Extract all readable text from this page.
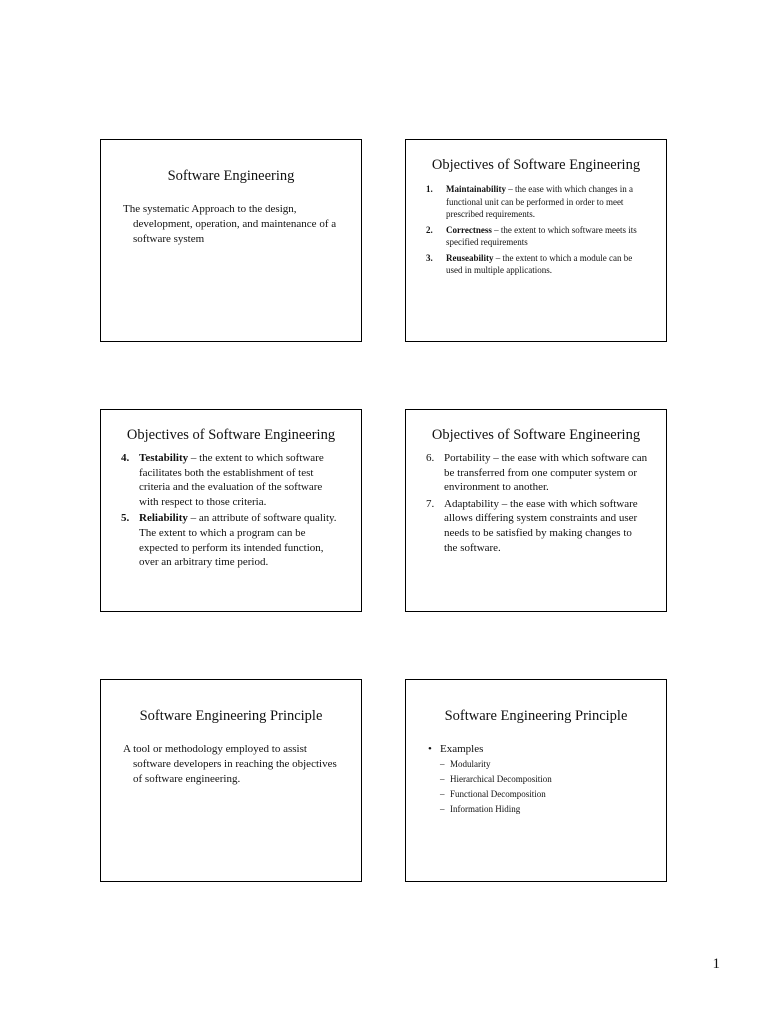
Software Engineering

The systematic Approach to the design, development, operation, and maintenance of a software system

Objectives of Software Engineering

1.	Maintainability – the ease with which changes in a functional unit can be performed in order to meet prescribed requirements.
2.	Correctness – the extent to which software meets its specified requirements
3.	Reuseability – the extent to which a module can be used in multiple applications.

Objectives of Software Engineering

4. Testability – the extent to which software facilitates both the establishment of test criteria and the evaluation of the software with respect to those criteria.
5. Reliability – an attribute of software quality. The extent to which a program can be expected to perform its intended function, over an arbitrary time period.

Objectives of Software Engineering

6. Portability – the ease with which software can be transferred from one computer system or environment to another.
7. Adaptability – the ease with which software allows differing system constraints and user needs to be satisfied by making changes to the software.

Software Engineering Principle

A tool or methodology employed to assist software developers in reaching the objectives of software engineering.

Software Engineering Principle

• Examples
– Modularity
– Hierarchical Decomposition
– Functional Decomposition
– Information Hiding
1
